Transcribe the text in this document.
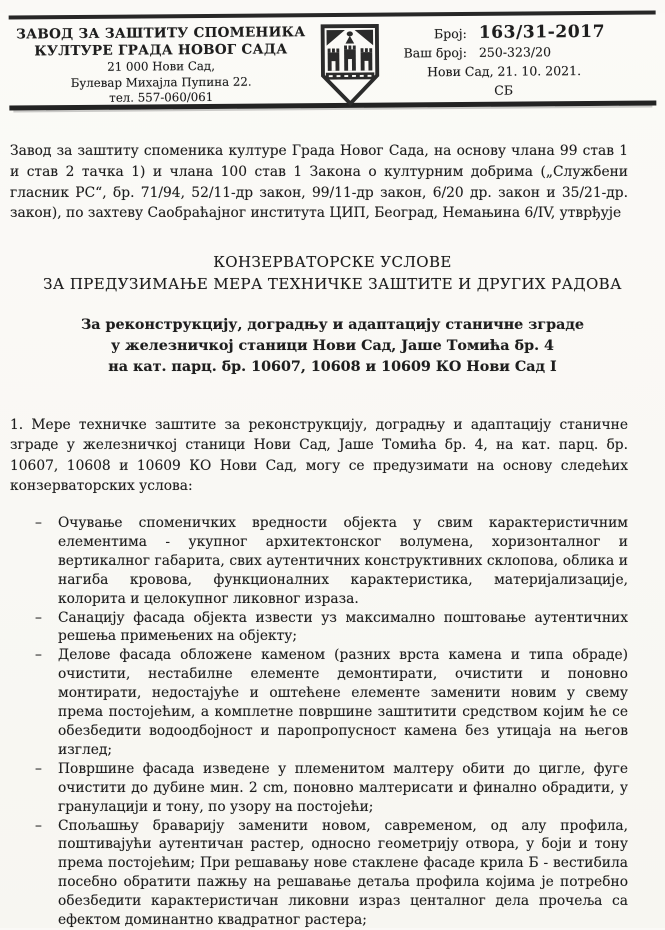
ЗАВОД ЗА ЗАШТИТУ СПОМЕНИКА
КУЛТУРЕ ГРАДА НОВОГ САДА
21 000 Нови Сад,
Булевар Михајла Пупина 22.
тел. 557-060/061
Број: 163/31-2017
Ваш број: 250-323/20
Нови Сад, 21. 10. 2021.
СБ

Завод за заштиту споменика културе Града Новог Сада, на основу члана 99 став 1 и став 2 тачка 1) и члана 100 став 1 Закона о културним добрима („Службени гласник РС“, бр. 71/94, 52/11-др закон, 99/11-др закон, 6/20 др. закон и 35/21-др. закон), по захтеву Саобраћајног института ЦИП, Београд, Немањина 6/IV, утврђује

КОНЗЕРВАТОРСКЕ УСЛОВЕ
ЗА ПРЕДУЗИМАЊЕ МЕРА ТЕХНИЧКЕ ЗАШТИТЕ И ДРУГИХ РАДОВА
За реконструкцију, доградњу и адаптацију станичне зграде
у железничкој станици Нови Сад, Јаше Томића бр. 4
на кат. парц. бр. 10607, 10608 и 10609 КО Нови Сад I

1. Мере техничке заштите за реконструкцију, доградњу и адаптацију станичне зграде у железничкој станици Нови Сад, Јаше Томића бр. 4, на кат. парц. бр. 10607, 10608 и 10609 КО Нови Сад, могу се предузимати на основу следећих конзерваторских услова:

–	Очување споменичких вредности објекта у свим карактеристичним елементима - укупног архитектонског волумена, хоризонталног и вертикалног габарита, свих аутентичних конструктивних склопова, облика и нагиба кровова, функционалних карактеристика, материјализације, колорита и целокупног ликовног израза.
–	Санацију фасада објекта извести уз максимално поштовање аутентичних решења примењених на објекту;
–	Делове фасада обложене каменом (разних врста камена и типа обраде) очистити, нестабилне елементе демонтирати, очистити и поновно монтирати, недостајуће и оштећене елементе заменити новим у свему према постојећим, а комплетне површине заштитити средством којим ће се обезбедити водоодбојност и паропропусност камена без утицаја на његов изглед;
–	Површине фасада изведене у племенитом малтеру обити до цигле, фуге очистити до дубине мин. 2 cm, поновно малтерисати и финално обрадити, у гранулацији и тону, по узору на постојећи;
–	Спољашњу браварију заменити новом, савременом, од алу профила, поштивајући аутентичан растер, односно геометрију отвора, у боји и тону према постојећим; При решавању нове стаклене фасаде крила Б - вестибила посебно обратити пажњу на решавање детаља профила којима је потребно обезбедити карактеристичан ликовни израз центалног дела прочеља са ефектом доминантно квадратног растера;
